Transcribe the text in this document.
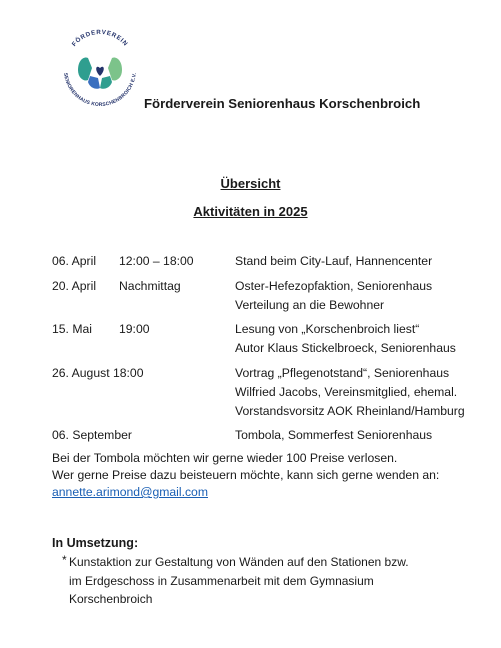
FÖRDERVEREIN
SENIORENHAUS KORSCHENBROICH E.V.
Förderverein Seniorenhaus Korschenbroich
Übersicht
Aktivitäten in 2025
06. April 12:00 – 18:00	Stand beim City-Lauf, Hannencenter
20. April Nachmittag	Oster-Hefezopfaktion, Seniorenhaus
Verteilung an die Bewohner
15. Mai 19:00	Lesung von „Korschenbroich liest“
Autor Klaus Stickelbroeck, Seniorenhaus
26. August 18:00	Vortrag „Pflegenotstand“, Seniorenhaus
Wilfried Jacobs, Vereinsmitglied, ehemal.
Vorstandsvorsitz AOK Rheinland/Hamburg
06. September	Tombola, Sommerfest Seniorenhaus
Bei der Tombola möchten wir gerne wieder 100 Preise verlosen.
Wer gerne Preise dazu beisteuern möchte, kann sich gerne wenden an:
annette.arimond@gmail.com
In Umsetzung:
* Kunstaktion zur Gestaltung von Wänden auf den Stationen bzw.
im Erdgeschoss in Zusammenarbeit mit dem Gymnasium
Korschenbroich
